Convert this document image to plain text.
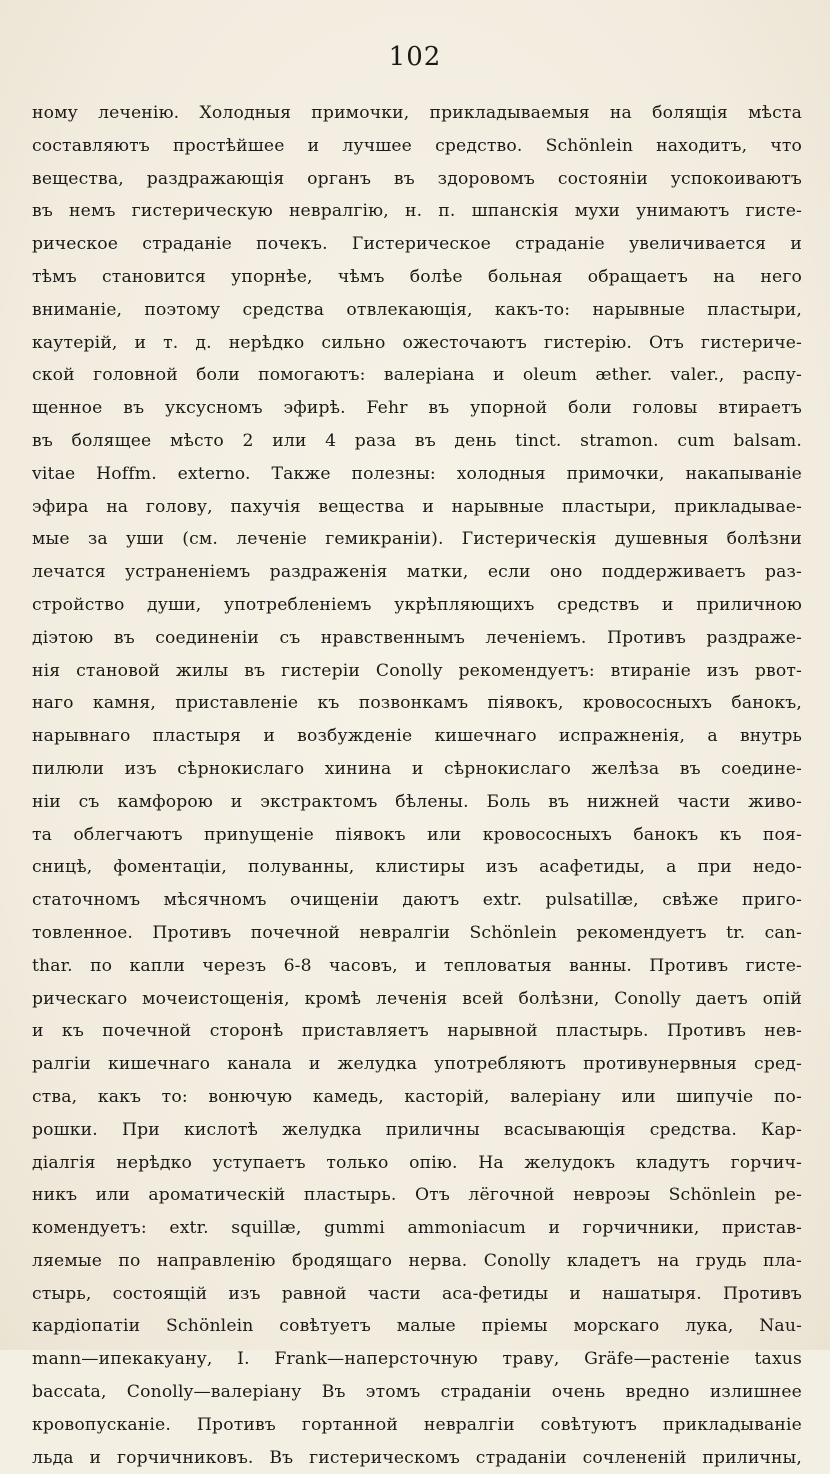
102
ному леченію. Холодныя примочки, прикладываемыя на болящія мѣста
составляютъ простѣйшее и лучшее средство. Schönlein находитъ, что
вещества, раздражающія органъ въ здоровомъ состояніи успокоиваютъ
въ немъ гистерическую невралгію, н. п. шпанскія мухи унимаютъ гисте-
рическое страданіе почекъ. Гистерическое страданіе увеличивается и
тѣмъ становится упорнѣе, чѣмъ болѣе больная обращаетъ на него
вниманіе, поэтому средства отвлекающія, какъ-то: нарывные пластыри,
каутерій, и т. д. нерѣдко сильно ожесточаютъ гистерію. Отъ гистериче-
ской головной боли помогаютъ: валеріана и oleum æther. valer., распу-
щенное въ уксусномъ эфирѣ. Fehr въ упорной боли головы втираетъ
въ болящее мѣсто 2 или 4 раза въ день tinct. stramon. cum balsam.
vitae Hoffm. externo. Также полезны: холодныя примочки, накапываніе
эфира на голову, пахучія вещества и нарывные пластыри, прикладывае-
мые за уши (см. леченіе гемикраніи). Гистерическія душевныя болѣзни
лечатся устраненіемъ раздраженія матки, если оно поддерживаетъ раз-
стройство души, употребленіемъ укрѣпляющихъ средствъ и приличною
діэтою въ соединеніи съ нравственнымъ леченіемъ. Противъ раздраже-
нія становой жилы въ гистеріи Conolly рекомендуетъ: втираніе изъ рвот-
наго камня, приставленіе къ позвонкамъ піявокъ, кровососныхъ банокъ,
нарывнаго пластыря и возбужденіе кишечнаго испражненія, а внутрь
пилюли изъ сѣрнокислаго хинина и сѣрнокислаго желѣза въ соедине-
ніи съ камфорою и экстрактомъ бѣлены. Боль въ нижней части живо-
та облегчаютъ приnущеніе піявокъ или кровососныхъ банокъ къ поя-
сницѣ, фоментаціи, полуванны, клистиры изъ асафетиды, а при недо-
статочномъ мѣсячномъ очищеніи даютъ extr. pulsatillæ, свѣже приго-
товленное. Противъ почечной невралгіи Schönlein рекомендуетъ tr. can-
thar. по капли черезъ 6-8 часовъ, и тепловатыя ванны. Противъ гисте-
рическаго мочеистощенія, кромѣ леченія всей болѣзни, Conolly даетъ опій
и къ почечной сторонѣ приставляетъ нарывной пластырь. Противъ нев-
ралгіи кишечнаго канала и желудка употребляютъ противунервныя сред-
ства, какъ то: вонючую камедь, касторій, валеріану или шипучіе по-
рошки. При кислотѣ желудка приличны всасывающія средства. Кар-
діалгія нерѣдко уступаетъ только опію. На желудокъ кладутъ горчич-
никъ или ароматическій пластырь. Отъ лёгочной невроэы Schönlein ре-
комендуетъ: extr. squillæ, gummi ammoniacum и горчичники, пристав-
ляемые по направленію бродящаго нерва. Conolly кладетъ на грудь пла-
стырь, состоящій изъ равной части аса-фетиды и нашатыря. Противъ
кардіопатіи Schönlein совѣтуетъ малые пріемы морскаго лука, Nau-
mann—ипекакуану, I. Frank—наперсточную траву, Gräfe—растеніе taxus
baccata, Conolly—валеріану Въ этомъ страданіи очень вредно излишнее
кровопусканіе. Противъ гортанной невралгіи совѣтуютъ прикладываніе
льда и горчичниковъ. Въ гистерическомъ страданіи сочлененій приличны,
